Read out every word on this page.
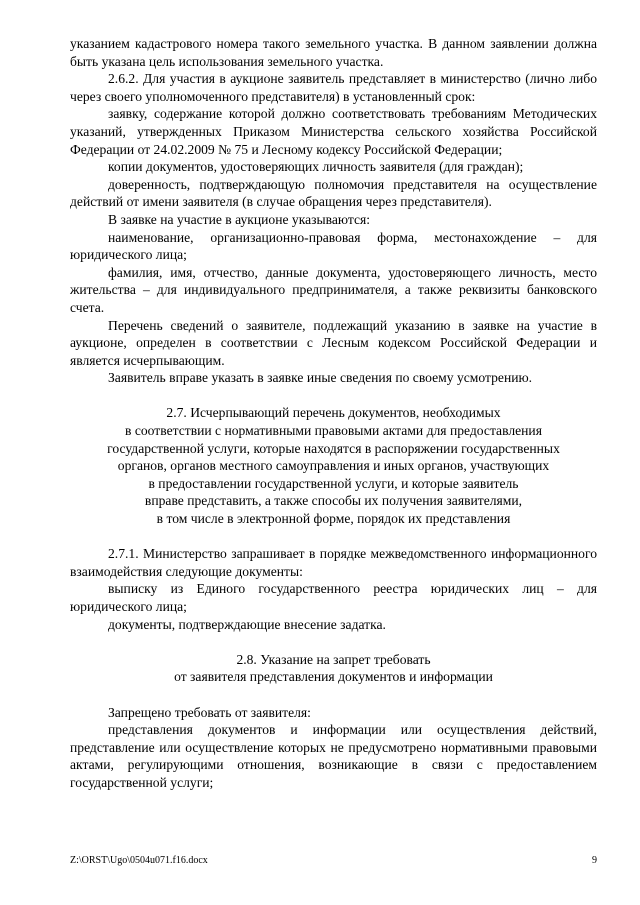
указанием кадастрового номера такого земельного участка. В данном заявлении должна быть указана цель использования земельного участка.

2.6.2. Для участия в аукционе заявитель представляет в министерство (лично либо через своего уполномоченного представителя) в установленный срок:

заявку, содержание которой должно соответствовать требованиям Методических указаний, утвержденных Приказом Министерства сельского хозяйства Российской Федерации от 24.02.2009 № 75 и Лесному кодексу Российской Федерации;

копии документов, удостоверяющих личность заявителя (для граждан);

доверенность, подтверждающую полномочия представителя на осуществление действий от имени заявителя (в случае обращения через представителя).

В заявке на участие в аукционе указываются:

наименование, организационно-правовая форма, местонахождение – для юридического лица;

фамилия, имя, отчество, данные документа, удостоверяющего личность, место жительства – для индивидуального предпринимателя, а также реквизиты банковского счета.

Перечень сведений о заявителе, подлежащий указанию в заявке на участие в аукционе, определен в соответствии с Лесным кодексом Российской Федерации и является исчерпывающим.

Заявитель вправе указать в заявке иные сведения по своему усмотрению.

2.7. Исчерпывающий перечень документов, необходимых

в соответствии с нормативными правовыми актами для предоставления

государственной услуги, которые находятся в распоряжении государственных

органов, органов местного самоуправления и иных органов, участвующих

в предоставлении государственной услуги, и которые заявитель

вправе представить, а также способы их получения заявителями,

в том числе в электронной форме, порядок их представления

2.7.1. Министерство запрашивает в порядке межведомственного информационного взаимодействия следующие документы:

выписку из Единого государственного реестра юридических лиц – для юридического лица;

документы, подтверждающие внесение задатка.

2.8. Указание на запрет требовать

от заявителя представления документов и информации

Запрещено требовать от заявителя:

представления документов и информации или осуществления действий, представление или осуществление которых не предусмотрено нормативными правовыми актами, регулирующими отношения, возникающие в связи с предоставлением государственной услуги;

Z:\ORST\Ugo\0504u071.f16.docx	9
